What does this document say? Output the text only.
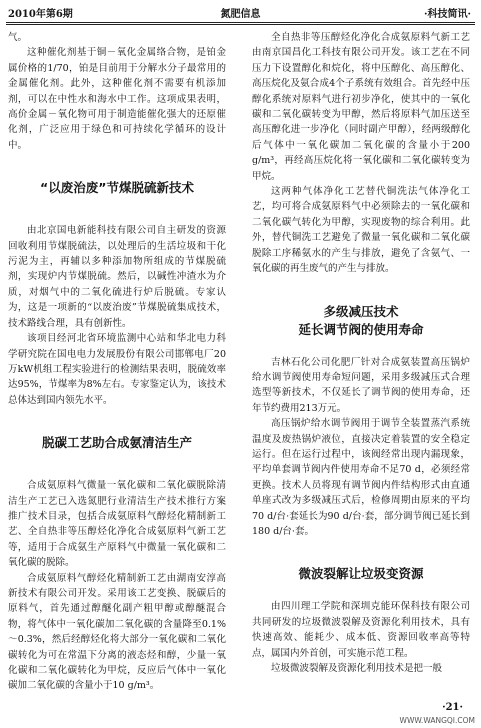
2010年第6期	氮肥信息	·科技简讯·

气。

这种催化剂基于铜－氧化金属络合物，是铂金属价格的1/70，铂是目前用于分解水分子最常用的金属催化剂。此外，这种催化剂不需要有机添加剂，可以在中性水和海水中工作。这项成果表明，高价金属－氧化物可用于制造能催化强大的还原催化剂，广泛应用于绿色和可持续化学循环的设计中。

“以废治废”节煤脱硫新技术

由北京国电新能科技有限公司自主研发的资源回收利用节煤脱硫法，以处理后的生活垃圾和干化污泥为主，再辅以多种添加物所组成的节煤脱硫剂，实现炉内节煤脱硫。然后，以碱性冲渣水为介质，对烟气中的二氧化硫进行炉后脱硫。专家认为，这是一项新的“以废治废”节煤脱硫集成技术，技术路线合理，具有创新性。

该项目经河北省环境监测中心站和华北电力科学研究院在国电电力发展股份有限公司邯郸电厂20万kW机组工程实验进行的检测结果表明，脱硫效率达95%，节煤率为8%左右。专家鉴定认为，该技术总体达到国内领先水平。

脱碳工艺助合成氨清洁生产

合成氨原料气微量一氧化碳和二氧化碳脱除清洁生产工艺已入选氮肥行业清洁生产技术推行方案推广技术目录，包括合成氨原料气醇烃化精制新工艺、全自热非等压醇烃化净化合成氨原料气新工艺等，适用于合成氨生产原料气中微量一氧化碳和二氧化碳的脱除。

合成氨原料气醇烃化精制新工艺由湖南安淳高新技术有限公司开发。采用该工艺变换、脱碳后的原料气，首先通过醇醚化副产粗甲醇或醇醚混合物，将气体中一氧化碳加二氧化碳的含量降至0.1%～0.3%，然后经醇烃化将大部分一氧化碳和二氧化碳转化为可在常温下分离的液态烃和醇，少量一氧化碳和二氧化碳转化为甲烷，反应后气体中一氧化碳加二氧化碳的含量小于10 g/m³。

全自热非等压醇烃化净化合成氨原料气新工艺由南京国昌化工科技有限公司开发。该工艺在不同压力下设置醇化和烷化，将中压醇化、高压醇化、高压烷化及氨合成4个子系统有效组合。首先经中压醇化系统对原料气进行初步净化，使其中的一氧化碳和二氧化碳转变为甲醇，然后将原料气加压送至高压醇化进一步净化（同时副产甲醇），经两级醇化后气体中一氧化碳加二氧化碳的含量小于200 g/m³，再经高压烷化将一氧化碳和二氧化碳转变为甲烷。

这两种气体净化工艺替代铜洗法气体净化工艺，均可将合成氨原料气中必须除去的一氧化碳和二氧化碳气转化为甲醇，实现废物的综合利用。此外，替代铜洗工艺避免了微量一氧化碳和二氧化碳脱除工序稀氨水的产生与排放，避免了含氨气、一氧化碳的再生废气的产生与排放。

多级减压技术
延长调节阀的使用寿命

吉林石化公司化肥厂针对合成氨装置高压锅炉给水调节阀使用寿命短问题，采用多级减压式合理选型等新技术，不仅延长了调节阀的使用寿命，还年节约费用213万元。

高压锅炉给水调节阀用于调节全装置蒸汽系统温度及废热锅炉液位，直接决定着装置的安全稳定运行。但在运行过程中，该阀经常出现内漏现象，平均单套调节阀内件使用寿命不足70 d，必须经常更换。技术人员将现有调节阀内件结构形式由直通单座式改为多级减压式后，检修周期由原来的平均70 d/台·套延长为90 d/台·套，部分调节阀已延长到180 d/台·套。

微波裂解让垃圾变资源

由四川理工学院和深圳克能环保科技有限公司共同研发的垃圾微波裂解及资源化利用技术，具有快速高效、能耗少、成本低、资源回收率高等特点，属国内外首创，可实施示范工程。

垃圾微波裂解及资源化利用技术是把一般

·21·
WWW.WANGQI.COM
